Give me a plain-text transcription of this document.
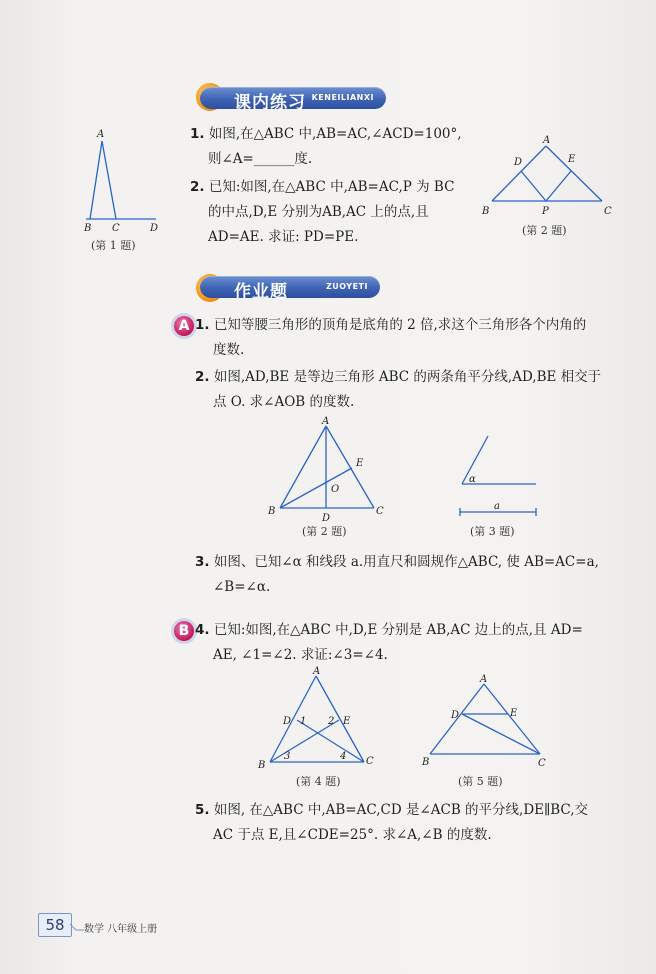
课内练习 KENEILIANXI
A
B C	D
(第 1 题)
1. 如图,在△ABC 中,AB=AC,∠ACD=100°,
则∠A=______度.
2. 已知:如图,在△ABC 中,AB=AC,P 为 BC
的中点,D,E 分别为AB,AC 上的点,且
AD=AE. 求证: PD=PE.
A
D	E
B	P	C
(第 2 题)
作业题	ZUOYETI
A 1. 已知等腰三角形的顶角是底角的 2 倍,求这个三角形各个内角的
度数.
2. 如图,AD,BE 是等边三角形 ABC 的两条角平分线,AD,BE 相交于
点 O. 求∠AOB 的度数.
A
E
O
B
D
C
(第 2 题)
α
a
(第 3 题)
3. 如图、已知∠α 和线段 a.用直尺和圆规作△ABC, 使 AB=AC=a,
∠B=∠α.
B 4. 已知:如图,在△ABC 中,D,E 分别是 AB,AC 边上的点,且 AD=
AE, ∠1=∠2. 求证:∠3=∠4.
A
D 1 2 E
3	4
B	C
(第 4 题)
A
D	E
B	C
(第 5 题)
5. 如图, 在△ABC 中,AB=AC,CD 是∠ACB 的平分线,DE∥BC,交
AC 于点 E,且∠CDE=25°. 求∠A,∠B 的度数.
58	数学 八年级上册
